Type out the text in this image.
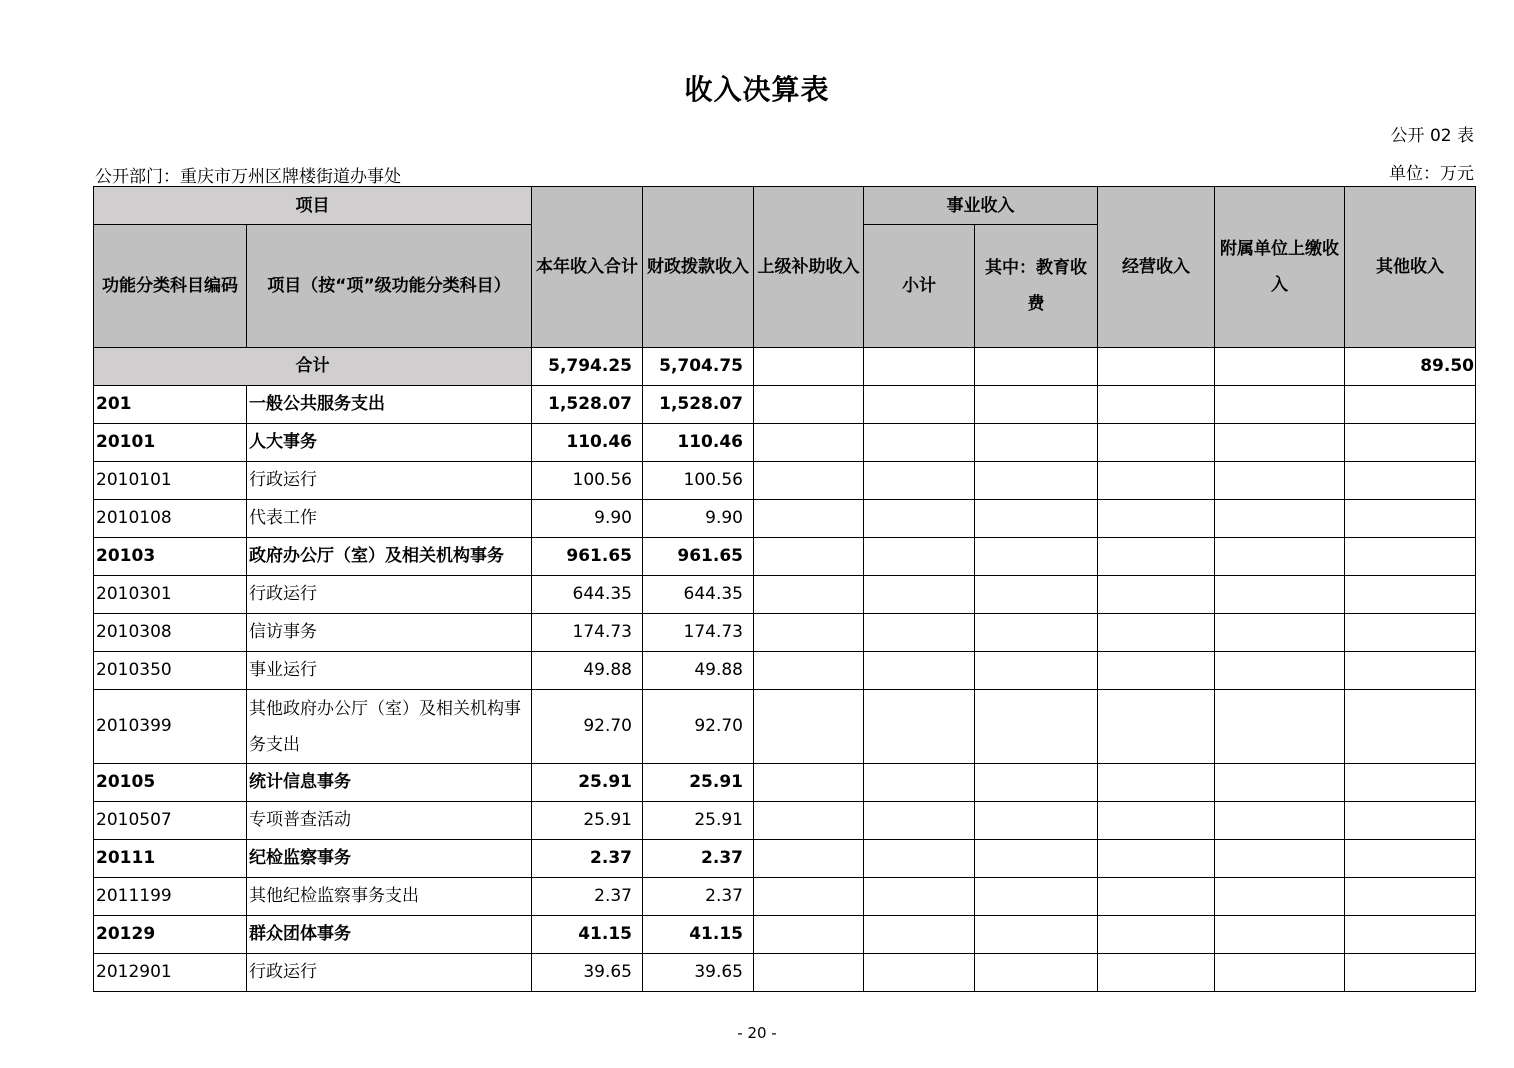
收入决算表
公开 02 表
公开部门：重庆市万州区牌楼街道办事处	单位：万元
项目		本年收入合计	财政拨款收入	上级补助收入	事业收入		经营收入	附属单位上缴收入	其他收入
功能分类科目编码	项目（按“项”级功能分类科目）				小计	其中：教育收费			
合计		5,794.25	5,704.75						89.50
201	一般公共服务支出	1,528.07	1,528.07						
20101	人大事务	110.46	110.46						
2010101	行政运行	100.56	100.56						
2010108	代表工作	9.90	9.90						
20103	政府办公厅（室）及相关机构事务	961.65	961.65						
2010301	行政运行	644.35	644.35						
2010308	信访事务	174.73	174.73						
2010350	事业运行	49.88	49.88						
2010399	其他政府办公厅（室）及相关机构事务支出	92.70	92.70						
20105	统计信息事务	25.91	25.91						
2010507	专项普查活动	25.91	25.91						
20111	纪检监察事务	2.37	2.37						
2011199	其他纪检监察事务支出	2.37	2.37						
20129	群众团体事务	41.15	41.15						
2012901	行政运行	39.65	39.65						
- 20 -
